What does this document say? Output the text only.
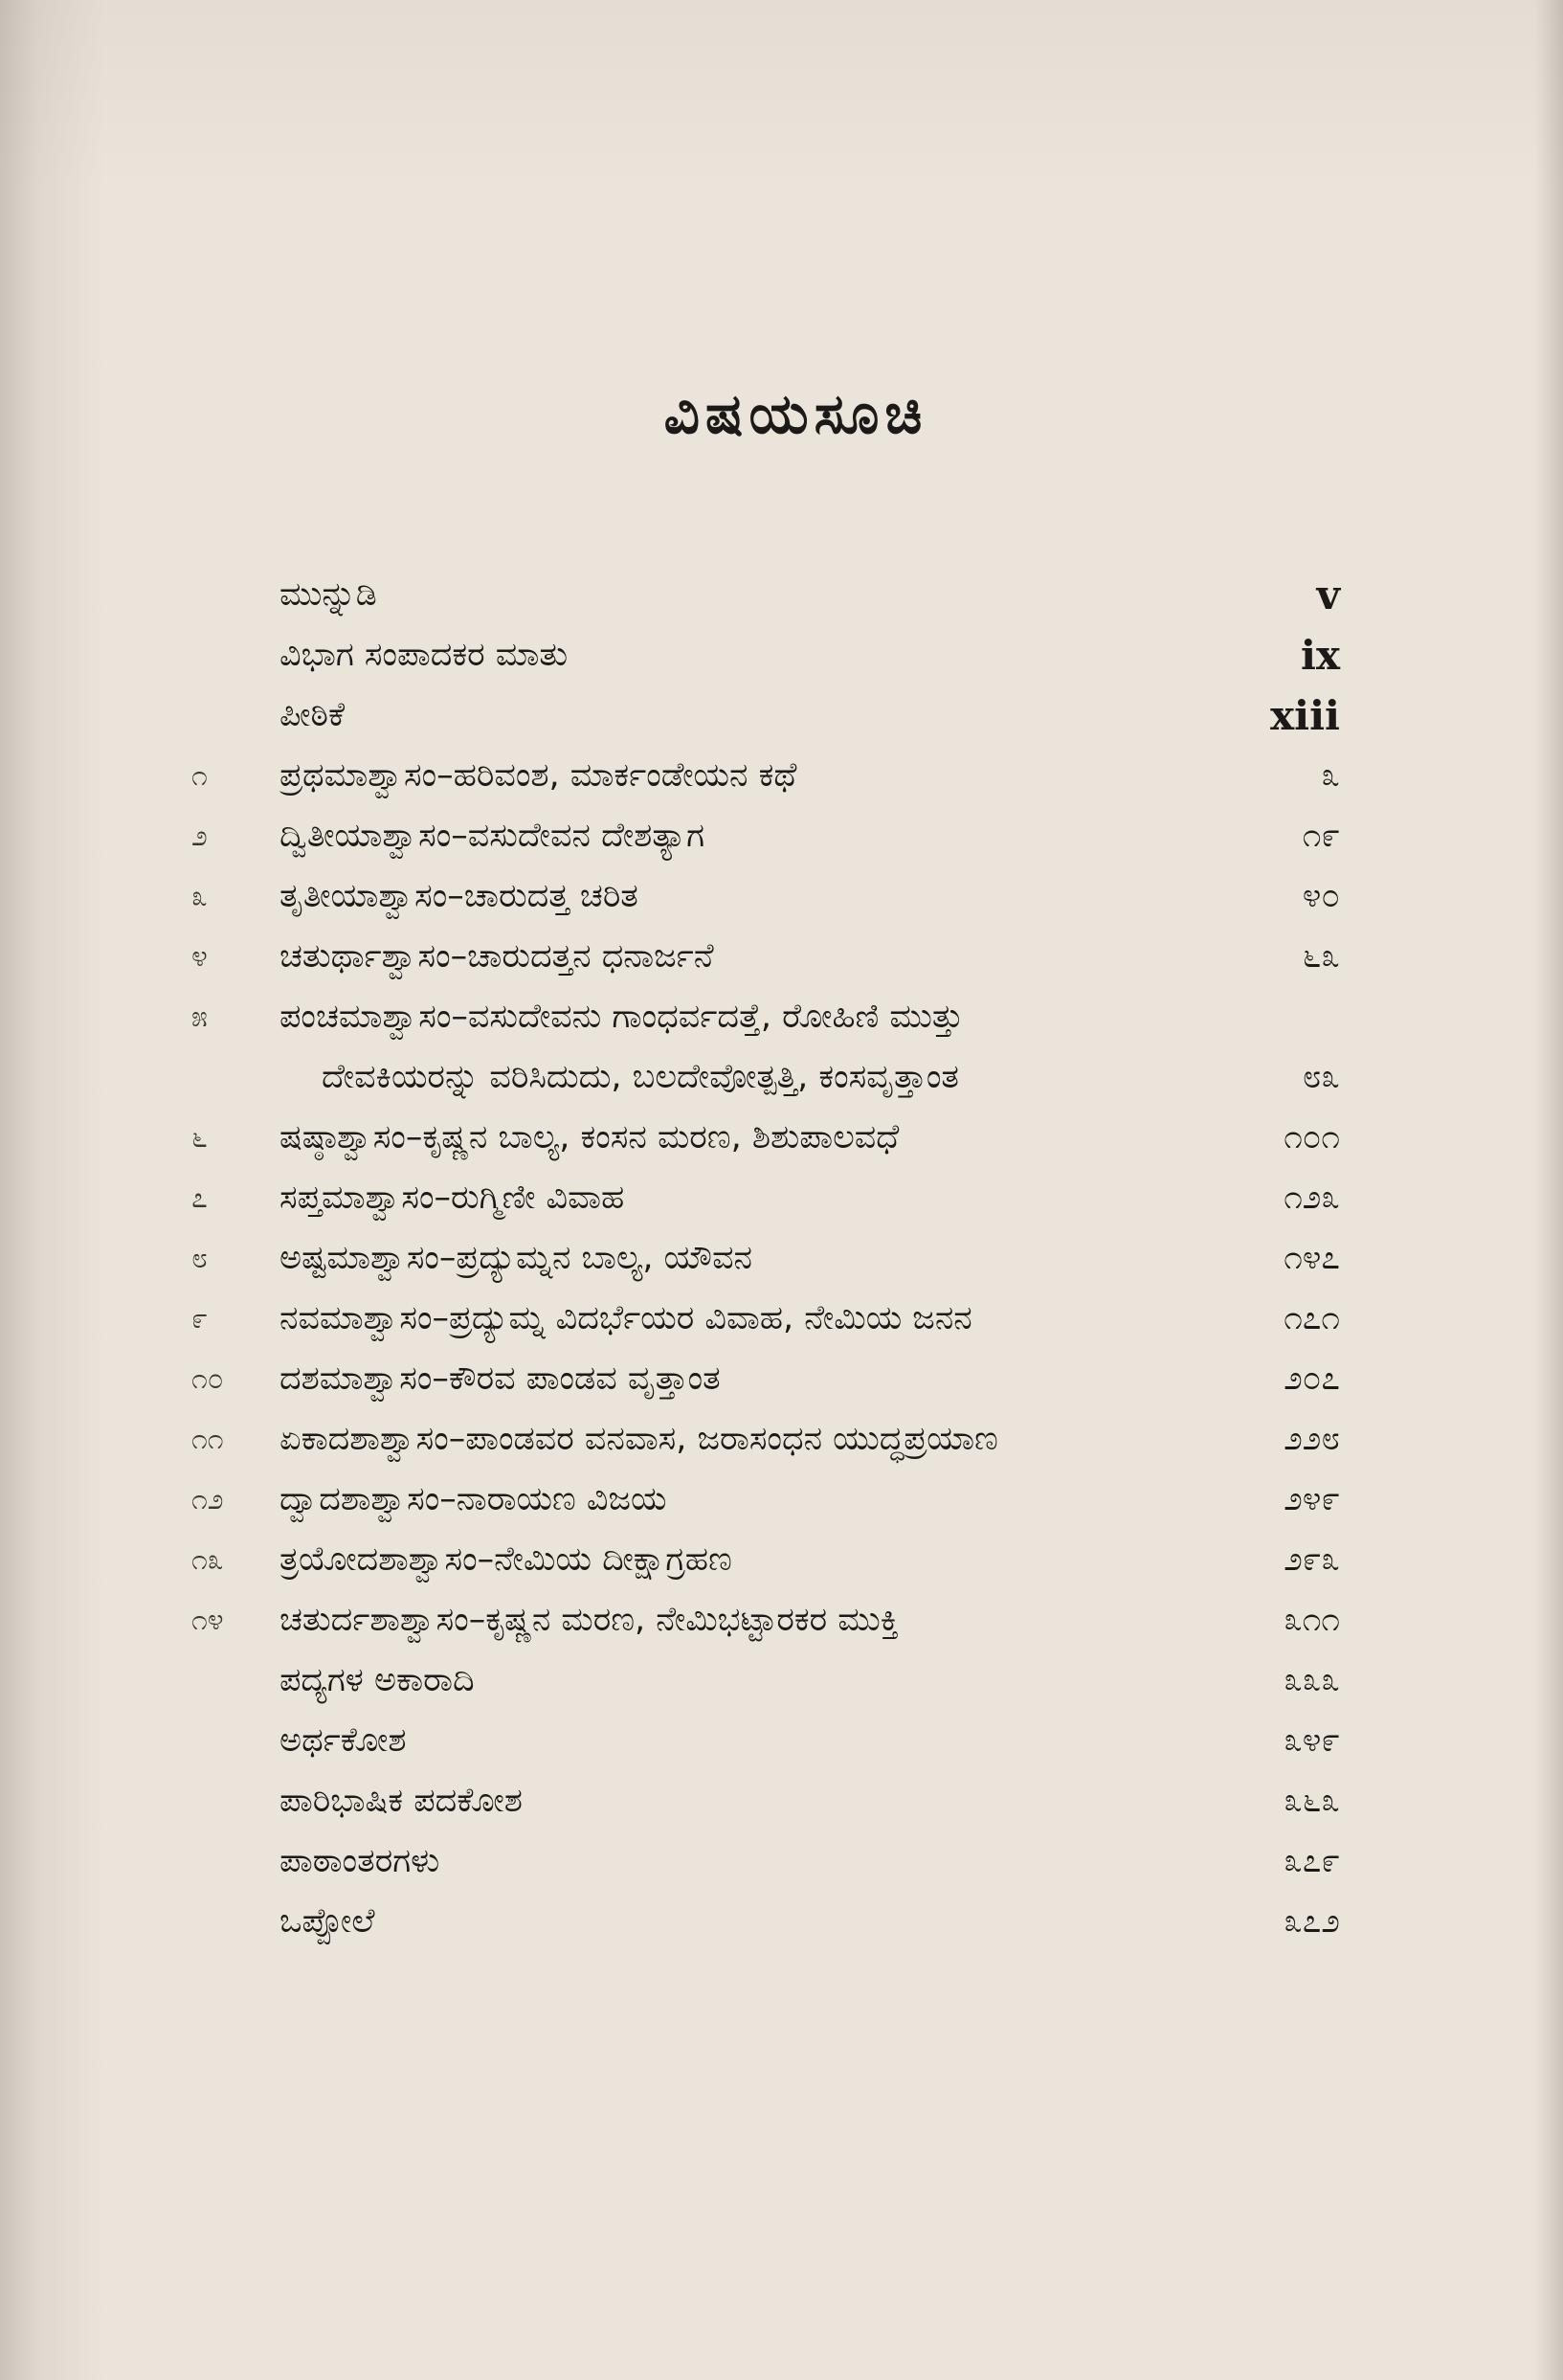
ವಿಷಯಸೂಚಿ
ಮುನ್ನುಡಿ	v
ವಿಭಾಗ ಸಂಪಾದಕರ ಮಾತು	ix
ಪೀಠಿಕೆ	xiii
೧	ಪ್ರಥಮಾಶ್ವಾಸಂ–ಹರಿವಂಶ, ಮಾರ್ಕಂಡೇಯನ ಕಥೆ	೩
೨	ದ್ವಿತೀಯಾಶ್ವಾಸಂ–ವಸುದೇವನ ದೇಶತ್ಯಾಗ	೧೯
೩	ತೃತೀಯಾಶ್ವಾಸಂ–ಚಾರುದತ್ತ ಚರಿತ	೪೦
೪	ಚತುರ್ಥಾಶ್ವಾಸಂ–ಚಾರುದತ್ತನ ಧನಾರ್ಜನೆ	೬೩
೫	ಪಂಚಮಾಶ್ವಾಸಂ–ವಸುದೇವನು ಗಾಂಧರ್ವದತ್ತೆ, ರೋಹಿಣಿ ಮುತ್ತು
ದೇವಕಿಯರನ್ನು ವರಿಸಿದುದು, ಬಲದೇವೋತ್ಪತ್ತಿ, ಕಂಸವೃತ್ತಾಂತ	೮೩
೬	ಷಷ್ಠಾಶ್ವಾಸಂ–ಕೃಷ್ಣನ ಬಾಲ್ಯ, ಕಂಸನ ಮರಣ, ಶಿಶುಪಾಲವಧೆ	೧೦೧
೭	ಸಪ್ತಮಾಶ್ವಾಸಂ–ರುಗ್ಮಿಣೀ ವಿವಾಹ	೧೨೩
೮	ಅಷ್ಟಮಾಶ್ವಾಸಂ–ಪ್ರದ್ಯುಮ್ನನ ಬಾಲ್ಯ, ಯೌವನ	೧೪೭
೯	ನವಮಾಶ್ವಾಸಂ–ಪ್ರದ್ಯುಮ್ನ ವಿದರ್ಭೆಯರ ವಿವಾಹ, ನೇಮಿಯ ಜನನ	೧೭೧
೧೦	ದಶಮಾಶ್ವಾಸಂ–ಕೌರವ ಪಾಂಡವ ವೃತ್ತಾಂತ	೨೦೭
೧೧	ಏಕಾದಶಾಶ್ವಾಸಂ–ಪಾಂಡವರ ವನವಾಸ, ಜರಾಸಂಧನ ಯುದ್ಧಪ್ರಯಾಣ	೨೨೮
೧೨	ದ್ವಾದಶಾಶ್ವಾಸಂ–ನಾರಾಯಣ ವಿಜಯ	೨೪೯
೧೩	ತ್ರಯೋದಶಾಶ್ವಾಸಂ–ನೇಮಿಯ ದೀಕ್ಷಾಗ್ರಹಣ	೨೯೩
೧೪	ಚತುರ್ದಶಾಶ್ವಾಸಂ–ಕೃಷ್ಣನ ಮರಣ, ನೇಮಿಭಟ್ಟಾರಕರ ಮುಕ್ತಿ	೩೧೧
ಪದ್ಯಗಳ ಅಕಾರಾದಿ	೩೩೩
ಅರ್ಥಕೋಶ	೩೪೯
ಪಾರಿಭಾಷಿಕ ಪದಕೋಶ	೩೬೩
ಪಾಠಾಂತರಗಳು	೩೭೯
ಒಪ್ಪೋಲೆ	೩೭೨
